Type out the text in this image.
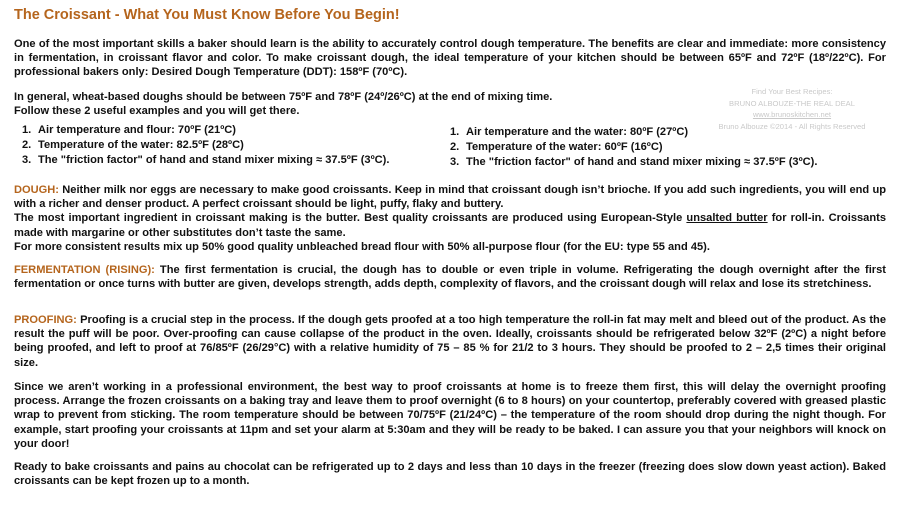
The Croissant - What You Must Know Before You Begin!
One of the most important skills a baker should learn is the ability to accurately control dough temperature. The benefits are clear and immediate: more consistency in fermentation, in croissant flavor and color. To make croissant dough, the ideal temperature of your kitchen should be between 65ºF and 72ºF (18º/22ºC). For professional bakers only: Desired Dough Temperature (DDT): 158ºF (70ºC).
In general, wheat-based doughs should be between 75ºF and 78ºF (24º/26ºC) at the end of mixing time.
Follow these 2 useful examples and you will get there.
1. Air temperature and flour: 70ºF (21ºC)
2. Temperature of the water: 82.5ºF (28ºC)
3. The "friction factor" of hand and stand mixer mixing ≈ 37.5ºF (3ºC).
1. Air temperature and the water: 80ºF (27ºC)
2. Temperature of the water: 60ºF (16ºC)
3. The "friction factor" of hand and stand mixer mixing ≈ 37.5ºF (3ºC).
Find Your Best Recipes:
BRUNO ALBOUZE-THE REAL DEAL
www.brunoskitchen.net
Bruno Albouze ©2014 - All Rights Reserved
DOUGH: Neither milk nor eggs are necessary to make good croissants. Keep in mind that croissant dough isn’t brioche. If you add such ingredients, you will end up with a richer and denser product. A perfect croissant should be light, puffy, flaky and buttery.
The most important ingredient in croissant making is the butter. Best quality croissants are produced using European-Style unsalted butter for roll-in. Croissants made with margarine or other substitutes don’t taste the same.
For more consistent results mix up 50% good quality unbleached bread flour with 50% all-purpose flour (for the EU: type 55 and 45).
FERMENTATION (RISING): The first fermentation is crucial, the dough has to double or even triple in volume. Refrigerating the dough overnight after the first fermentation or once turns with butter are given, develops strength, adds depth, complexity of flavors, and the croissant dough will relax and lose its stretchiness.
PROOFING: Proofing is a crucial step in the process. If the dough gets proofed at a too high temperature the roll-in fat may melt and bleed out of the product. As the result the puff will be poor. Over-proofing can cause collapse of the product in the oven. Ideally, croissants should be refrigerated below 32ºF (2ºC) a night before being proofed, and left to proof at 76/85ºF (26/29°C) with a relative humidity of 75 – 85 % for 21/2 to 3 hours. They should be proofed to 2 – 2,5 times their original size.
Since we aren’t working in a professional environment, the best way to proof croissants at home is to freeze them first, this will delay the overnight proofing process. Arrange the frozen croissants on a baking tray and leave them to proof overnight (6 to 8 hours) on your countertop, preferably covered with greased plastic wrap to prevent from sticking. The room temperature should be between 70/75ºF (21/24ºC) – the temperature of the room should drop during the night though. For example, start proofing your croissants at 11pm and set your alarm at 5:30am and they will be ready to be baked. I can assure you that your neighbors will knock on your door!
Ready to bake croissants and pains au chocolat can be refrigerated up to 2 days and less than 10 days in the freezer (freezing does slow down yeast action). Baked croissants can be kept frozen up to a month.
